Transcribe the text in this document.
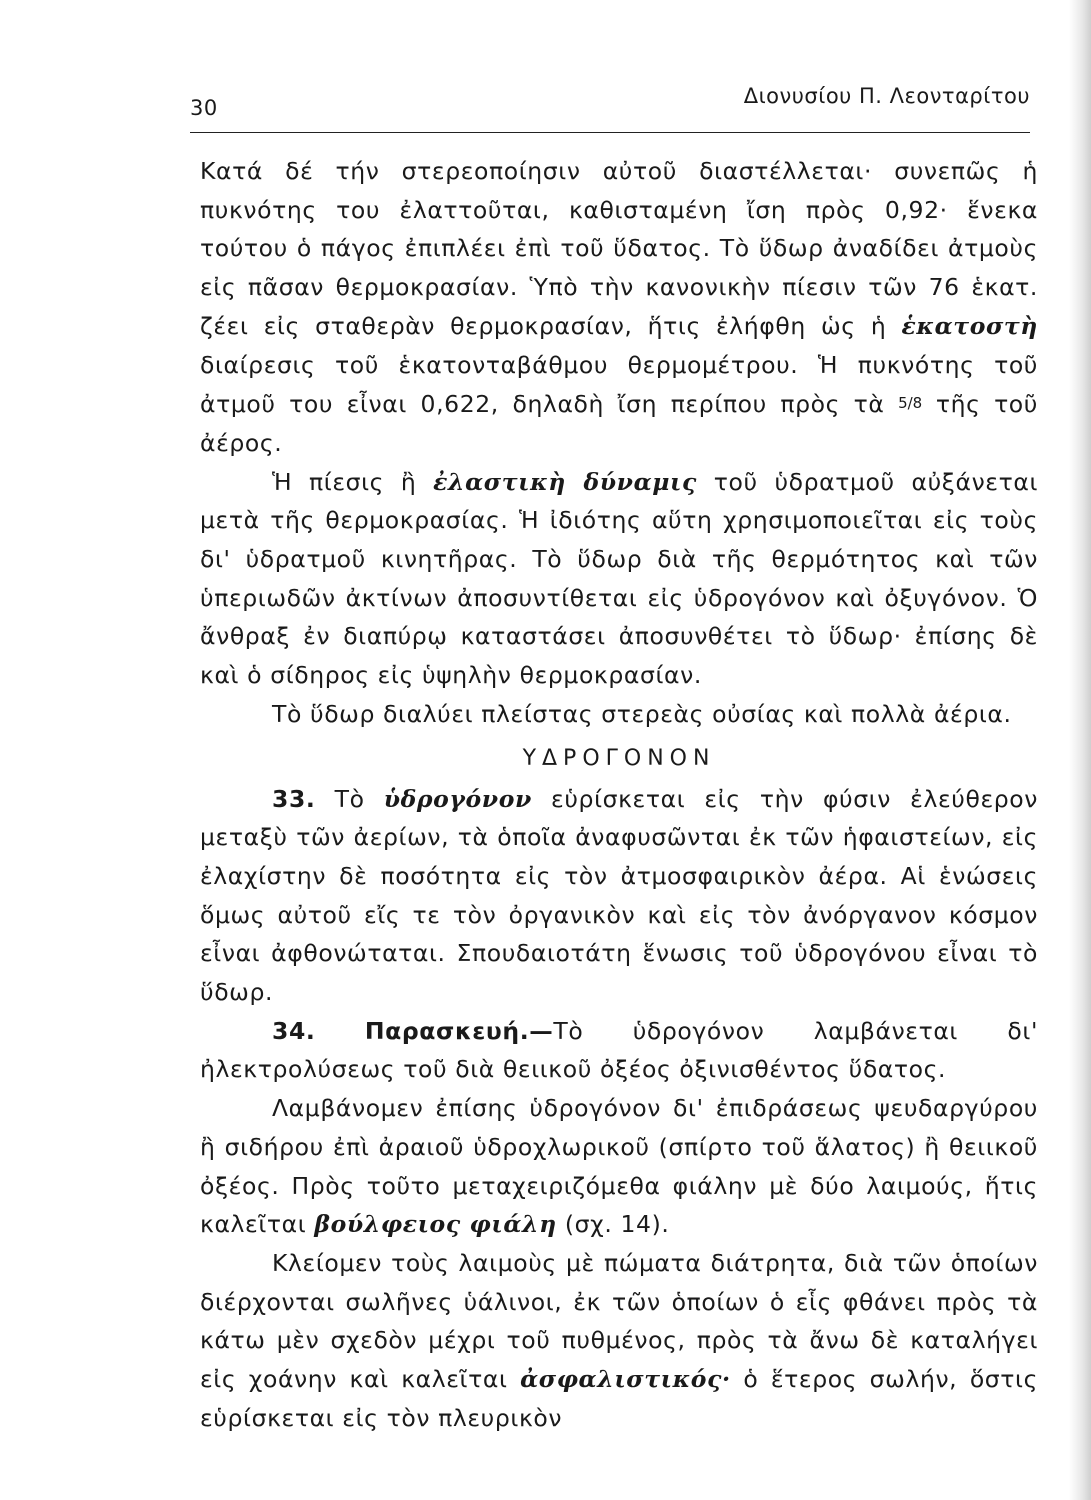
30	Διονυσίου Π. Λεονταρίτου

Κατά δέ τήν στερεοποίησιν αὐτοῦ διαστέλλεται· συνεπῶς ἡ πυκνότης του ἐλαττοῦται, καθισταμένη ἴση πρὸς 0,92· ἕνεκα τούτου ὁ πάγος ἐπιπλέει ἐπὶ τοῦ ὕδατος. Τὸ ὕδωρ ἀναδίδει ἀτμοὺς εἰς πᾶσαν θερμοκρασίαν. Ὑπὸ τὴν κανονικὴν πίεσιν τῶν 76 ἑκατ. ζέει εἰς σταθερὰν θερμοκρασίαν, ἥτις ἐλήφθη ὡς ἡ ἑκατοστὴ διαίρεσις τοῦ ἑκατονταβάθμου θερμομέτρου. Ἡ πυκνότης τοῦ ἀτμοῦ του εἶναι 0,622, δηλαδὴ ἴση περίπου πρὸς τὰ 5/8 τῆς τοῦ ἀέρος.

Ἡ πίεσις ἢ ἐλαστικὴ δύναμις τοῦ ὑδρατμοῦ αὐξάνεται μετὰ τῆς θερμοκρασίας. Ἡ ἰδιότης αὕτη χρησιμοποιεῖται εἰς τοὺς δι' ὑδρατμοῦ κινητῆρας. Τὸ ὕδωρ διὰ τῆς θερμότητος καὶ τῶν ὑπεριωδῶν ἀκτίνων ἀποσυντίθεται εἰς ὑδρογόνον καὶ ὀξυγόνον. Ὁ ἄνθραξ ἐν διαπύρῳ καταστάσει ἀποσυνθέτει τὸ ὕδωρ· ἐπίσης δὲ καὶ ὁ σίδηρος εἰς ὑψηλὴν θερμοκρασίαν.

Τὸ ὕδωρ διαλύει πλείστας στερεὰς οὐσίας καὶ πολλὰ ἀέρια.

ΥΔΡΟΓΟΝΟΝ

33. Τὸ ὑδρογόνον εὑρίσκεται εἰς τὴν φύσιν ἐλεύθερον μεταξὺ τῶν ἀερίων, τὰ ὁποῖα ἀναφυσῶνται ἐκ τῶν ἡφαιστείων, εἰς ἐλαχίστην δὲ ποσότητα εἰς τὸν ἀτμοσφαιρικὸν ἀέρα. Αἱ ἑνώσεις ὅμως αὐτοῦ εἴς τε τὸν ὀργανικὸν καὶ εἰς τὸν ἀνόργανον κόσμον εἶναι ἀφθονώταται. Σπουδαιοτάτη ἕνωσις τοῦ ὑδρογόνου εἶναι τὸ ὕδωρ.

34. Παρασκευή.—Τὸ ὑδρογόνον λαμβάνεται δι' ἠλεκτρολύσεως τοῦ διὰ θειικοῦ ὀξέος ὀξινισθέντος ὕδατος.

Λαμβάνομεν ἐπίσης ὑδρογόνον δι' ἐπιδράσεως ψευδαργύρου ἢ σιδήρου ἐπὶ ἀραιοῦ ὑδροχλωρικοῦ (σπίρτο τοῦ ἅλατος) ἢ θειικοῦ ὀξέος. Πρὸς τοῦτο μεταχειριζόμεθα φιάλην μὲ δύο λαιμούς, ἥτις καλεῖται βούλφειος φιάλη (σχ. 14).

Κλείομεν τοὺς λαιμοὺς μὲ πώματα διάτρητα, διὰ τῶν ὁποίων διέρχονται σωλῆνες ὑάλινοι, ἐκ τῶν ὁποίων ὁ εἷς φθάνει πρὸς τὰ κάτω μὲν σχεδὸν μέχρι τοῦ πυθμένος, πρὸς τὰ ἄνω δὲ καταλήγει εἰς χοάνην καὶ καλεῖται ἀσφαλιστικός· ὁ ἕτερος σωλήν, ὅστις εὑρίσκεται εἰς τὸν πλευρικὸν
